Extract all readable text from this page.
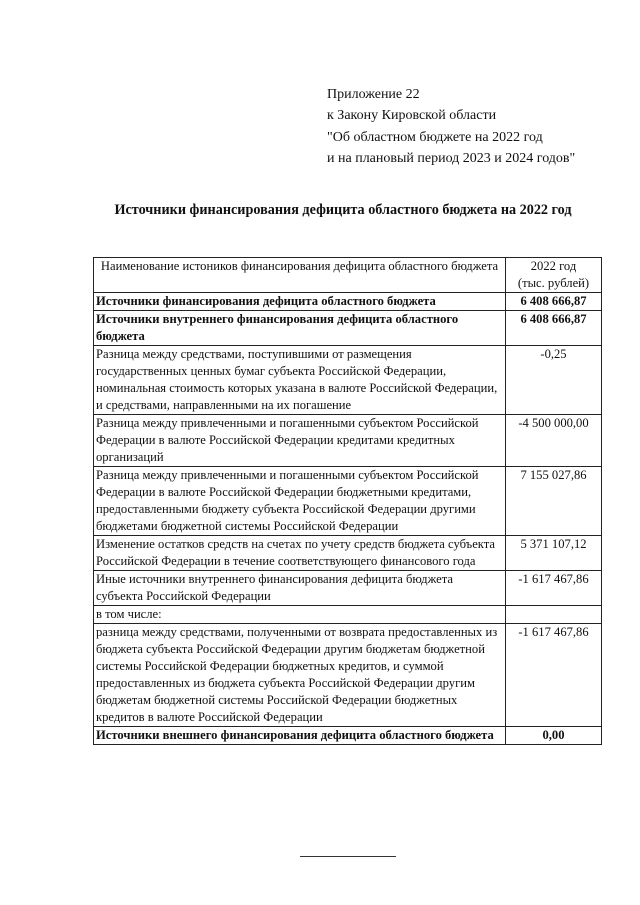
Приложение 22
к Закону Кировской области
"Об областном бюджете на 2022 год
и на плановый период 2023 и 2024 годов"
Источники финансирования дефицита областного бюджета на 2022 год
Наименование истоников финансирования дефицита областного бюджета	2022 год
(тыс. рублей)

Источники финансирования дефицита областного бюджета	6 408 666,87
Источники внутреннего финансирования дефицита областного бюджета	6 408 666,87
Разница между средствами, поступившими от размещения государственных ценных бумаг субъекта Российской Федерации, номинальная стоимость которых указана в валюте Российской Федерации, и средствами, направленными на их погашение	-0,25
Разница между привлеченными и погашенными субъектом Российской Федерации в валюте Российской Федерации кредитами кредитных организаций	-4 500 000,00
Разница между привлеченными и погашенными субъектом Российской Федерации в валюте Российской Федерации бюджетными кредитами, предоставленными бюджету субъекта Российской Федерации другими бюджетами бюджетной системы Российской Федерации	7 155 027,86
Изменение остатков средств на счетах по учету средств бюджета субъекта Российской Федерации в течение соответствующего финансового года	5 371 107,12
Иные источники внутреннего финансирования дефицита бюджета субъекта Российской Федерации	-1 617 467,86
в том числе:	
разница между средствами, полученными от возврата предоставленных из бюджета субъекта Российской Федерации другим бюджетам бюджетной системы Российской Федерации бюджетных кредитов, и суммой предоставленных из бюджета субъекта Российской Федерации другим бюджетам бюджетной системы Российской Федерации бюджетных кредитов в валюте Российской Федерации	-1 617 467,86
Источники внешнего финансирования дефицита областного бюджета	0,00
